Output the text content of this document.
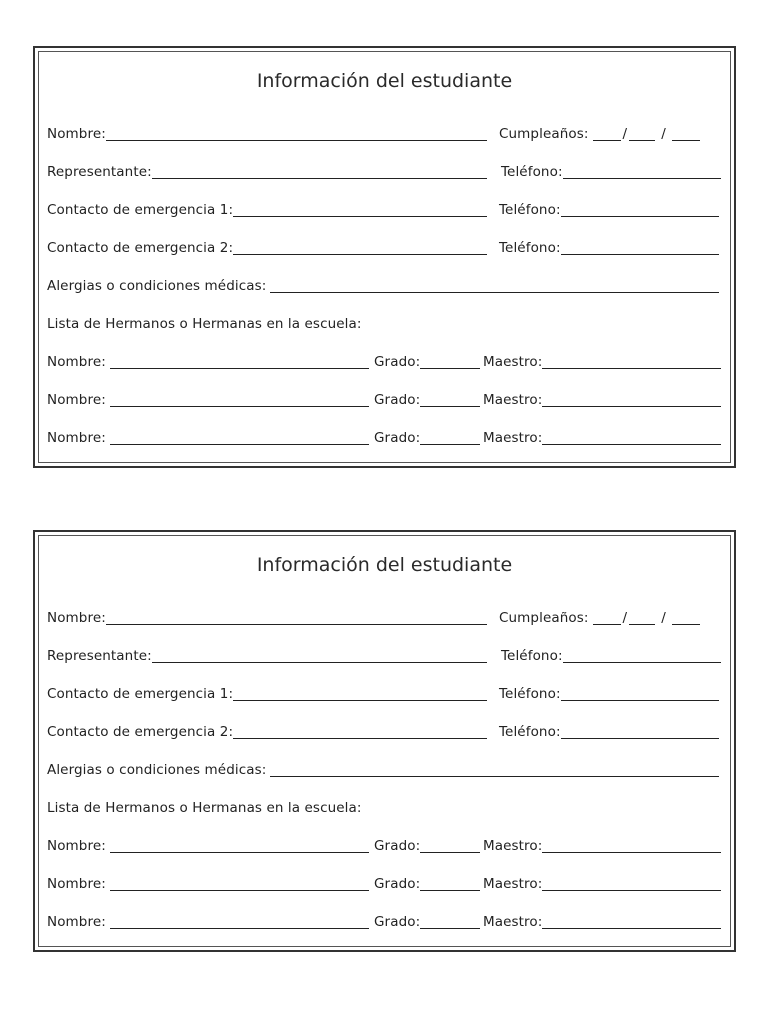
Información del estudiante
Nombre:	Cumpleaños:	/	/
Representante:	Teléfono:
Contacto de emergencia 1:	Teléfono:
Contacto de emergencia 2:	Teléfono:
Alergias o condiciones médicas:
Lista de Hermanos o Hermanas en la escuela:
Nombre:	Grado:	Maestro:
Nombre:	Grado:	Maestro:
Nombre:	Grado:	Maestro:
Información del estudiante
Nombre:	Cumpleaños:	/	/
Representante:	Teléfono:
Contacto de emergencia 1:	Teléfono:
Contacto de emergencia 2:	Teléfono:
Alergias o condiciones médicas:
Lista de Hermanos o Hermanas en la escuela:
Nombre:	Grado:	Maestro:
Nombre:	Grado:	Maestro:
Nombre:	Grado:	Maestro:
